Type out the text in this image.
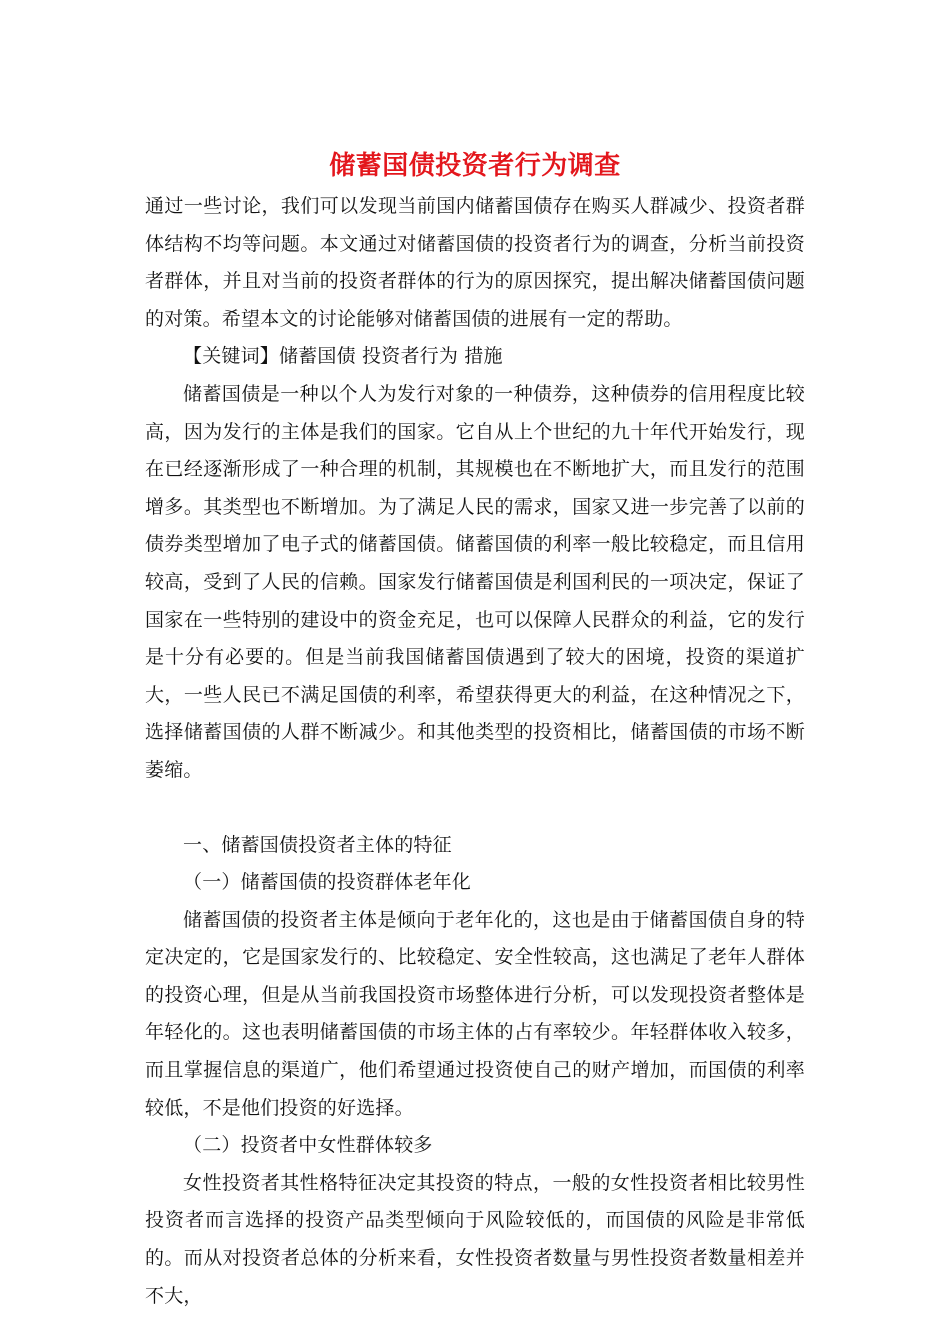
储蓄国债投资者行为调查

通过一些讨论，我们可以发现当前国内储蓄国债存在购买人群减少、投资者群体结构不均等问题。本文通过对储蓄国债的投资者行为的调查，分析当前投资者群体，并且对当前的投资者群体的行为的原因探究，提出解决储蓄国债问题的对策。希望本文的讨论能够对储蓄国债的进展有一定的帮助。

【关键词】储蓄国债 投资者行为 措施

储蓄国债是一种以个人为发行对象的一种债券，这种债券的信用程度比较高，因为发行的主体是我们的国家。它自从上个世纪的九十年代开始发行，现在已经逐渐形成了一种合理的机制，其规模也在不断地扩大，而且发行的范围增多。其类型也不断增加。为了满足人民的需求，国家又进一步完善了以前的债券类型增加了电子式的储蓄国债。储蓄国债的利率一般比较稳定，而且信用较高，受到了人民的信赖。国家发行储蓄国债是利国利民的一项决定，保证了国家在一些特别的建设中的资金充足，也可以保障人民群众的利益，它的发行是十分有必要的。但是当前我国储蓄国债遇到了较大的困境，投资的渠道扩大，一些人民已不满足国债的利率，希望获得更大的利益，在这种情况之下，选择储蓄国债的人群不断减少。和其他类型的投资相比，储蓄国债的市场不断萎缩。

一、储蓄国债投资者主体的特征

（一）储蓄国债的投资群体老年化

储蓄国债的投资者主体是倾向于老年化的，这也是由于储蓄国债自身的特定决定的，它是国家发行的、比较稳定、安全性较高，这也满足了老年人群体的投资心理，但是从当前我国投资市场整体进行分析，可以发现投资者整体是年轻化的。这也表明储蓄国债的市场主体的占有率较少。年轻群体收入较多，而且掌握信息的渠道广，他们希望通过投资使自己的财产增加，而国债的利率较低，不是他们投资的好选择。

（二）投资者中女性群体较多

女性投资者其性格特征决定其投资的特点，一般的女性投资者相比较男性投资者而言选择的投资产品类型倾向于风险较低的，而国债的风险是非常低的。而从对投资者总体的分析来看，女性投资者数量与男性投资者数量相差并不大，
